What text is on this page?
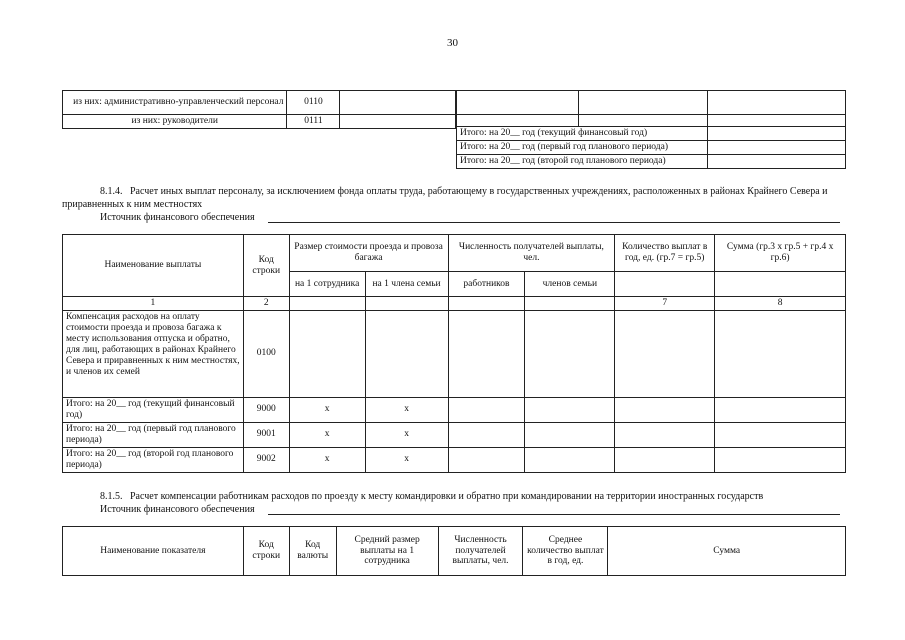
30
из них: административно-управленческий персонал	0110	
из них: руководители	0111	

Итого: на 20__ год (текущий финансовый год)		
Итого: на 20__ год (первый год планового периода)		
Итого: на 20__ год (второй год планового периода)		
8.1.4. Расчет иных выплат персоналу, за исключением фонда оплаты труда, работающему в государственных учреждениях, расположенных в районах Крайнего Севера и приравненных к ним местностях
Источник финансового обеспечения
Наименование выплаты	Код строки	Размер стоимости проезда и провоза багажа		Численность получателей выплаты, чел.		Количество выплат в год, ед. (гр.7 = гр.5)	Сумма (гр.3 х гр.5 + гр.4 х гр.6)
		на 1 сотрудника	на 1 члена семьи	работников	членов семьи		
1	2					7	8
Компенсация расходов на оплату стоимости проезда и провоза багажа к месту использования отпуска и обратно, для лиц, работающих в районах Крайнего Севера и приравненных к ним местностях, и членов их семей	0100						
Итого: на 20__ год (текущий финансовый год)	9000	х	х				
Итого: на 20__ год (первый год планового периода)	9001	х	х				
Итого: на 20__ год (второй год планового периода)	9002	х	х				
8.1.5. Расчет компенсации работникам расходов по проезду к месту командировки и обратно при командировании на территории иностранных государств
Источник финансового обеспечения
Наименование показателя	Код строки	Код валюты	Средний размер выплаты на 1 сотрудника	Численность получателей выплаты, чел.	Среднее количество выплат в год, ед.	Сумма
